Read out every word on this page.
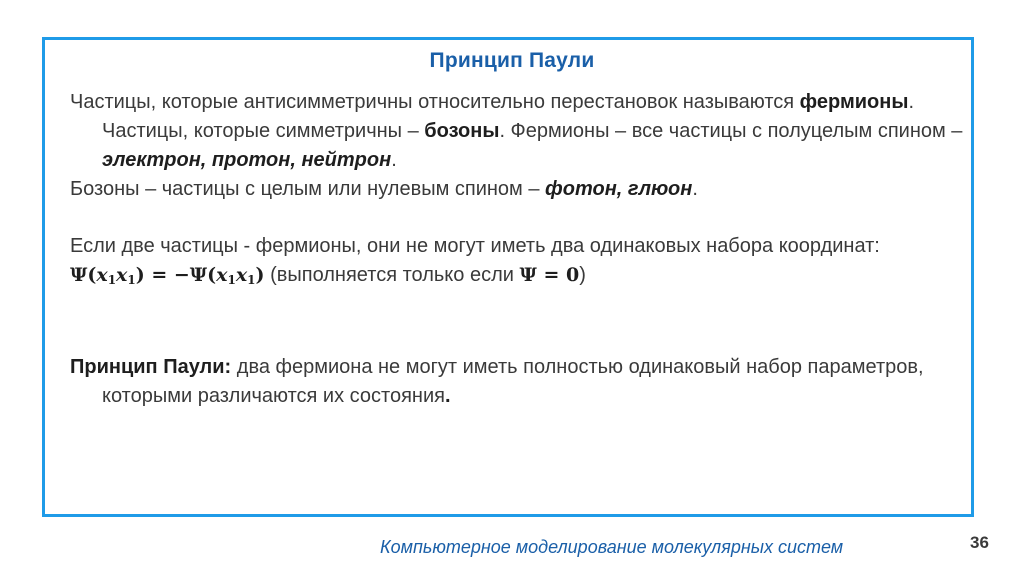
Принцип Паули

Частицы, которые антисимметричны относительно перестановок называются фермионы. Частицы, которые симметричны – бозоны. Фермионы – все частицы с полуцелым спином – электрон, протон, нейтрон.

Бозоны – частицы с целым или нулевым спином – фотон, глюон.

Если две частицы - фермионы, они не могут иметь два одинаковых набора координат:

$\Psi(x_1x_1) = -\Psi(x_1x_1)$ (выполняется только если Ψ = 0)

Принцип Паули: два фермиона не могут иметь полностью одинаковый набор параметров, которыми различаются их состояния.

Компьютерное моделирование молекулярных систем	36
